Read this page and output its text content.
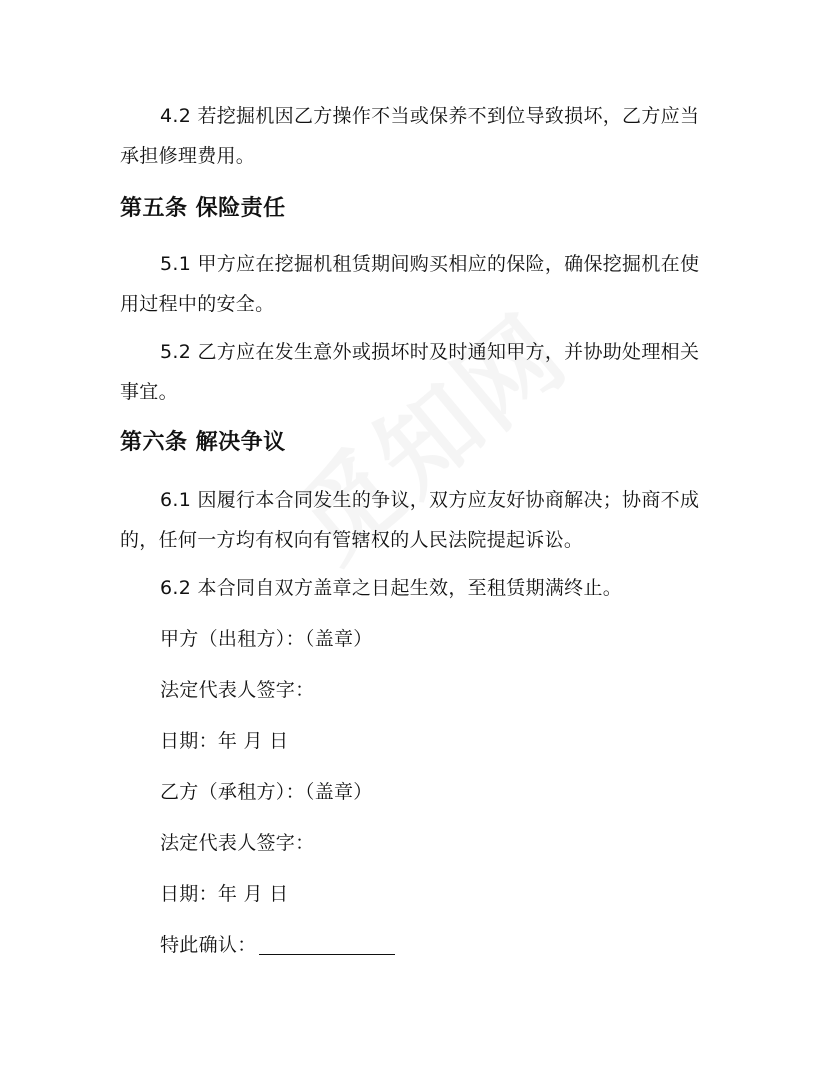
4.2 若挖掘机因乙方操作不当或保养不到位导致损坏，乙方应当承担修理费用。

第五条 保险责任

5.1 甲方应在挖掘机租赁期间购买相应的保险，确保挖掘机在使用过程中的安全。

5.2 乙方应在发生意外或损坏时及时通知甲方，并协助处理相关事宜。

第六条 解决争议

6.1 因履行本合同发生的争议，双方应友好协商解决；协商不成的，任何一方均有权向有管辖权的人民法院提起诉讼。

6.2 本合同自双方盖章之日起生效，至租赁期满终止。

甲方（出租方）：（盖章）

法定代表人签字：

日期：年 月 日

乙方（承租方）：（盖章）

法定代表人签字：

日期：年 月 日

特此确认：
